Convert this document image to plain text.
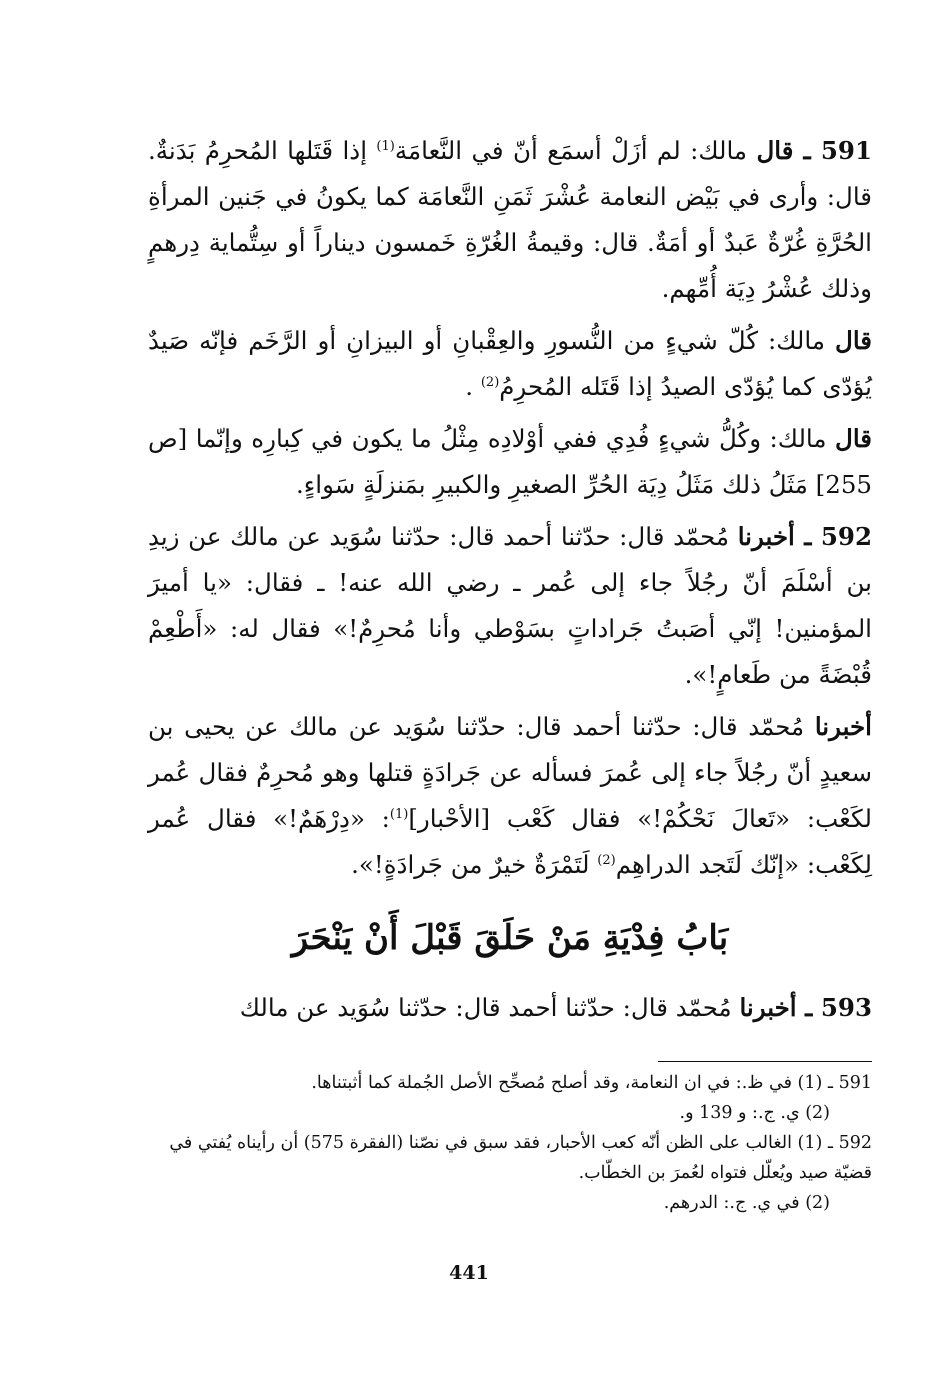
591 ـ قال مالك: لم أزَلْ أسمَع أنّ في النَّعامَة$^{(1)}$ إذا قَتَلها المُحرِمُ بَدَنةٌ. قال: وأرى في بَيْض النعامة عُشْرَ ثَمَنِ النَّعامَة كما يكونُ في جَنين المرأةِ الحُرَّةِ غُرّةٌ عَبدٌ أو أمَةٌ. قال: وقيمةُ الغُرّةِ خَمسون ديناراً أو سِتُّماية دِرهمٍ وذلك عُشْرُ دِيَة أُمِّهم.

قال مالك: كُلّ شيءٍ من النُّسورِ والعِقْبانِ أو البيزانِ أو الرَّخَم فإنّه صَيدٌ يُؤدّى كما يُؤدّى الصيدُ إذا قَتَله المُحرِمُ$^{(2)}$ .

قال مالك: وكُلُّ شيءٍ فُدِي ففي أوْلادِه مِثْلُ ما يكون في كِبارِه وإنّما [ص 255] مَثَلُ ذلك مَثَلُ دِيَة الحُرِّ الصغيرِ والكبيرِ بمَنزلَةٍ سَواءٍ.

592 ـ أخبرنا مُحمّد قال: حدّثنا أحمد قال: حدّثنا سُوَيد عن مالك عن زيدِ بن أسْلَمَ أنّ رجُلاً جاء إلى عُمر ـ رضي الله عنه! ـ فقال: «يا أميرَ المؤمنين! إنّي أصَبتُ جَراداتٍ بسَوْطي وأنا مُحرِمٌ!» فقال له: «أَطْعِمْ قُبْضَةً من طَعامٍ!».

أخبرنا مُحمّد قال: حدّثنا أحمد قال: حدّثنا سُوَيد عن مالك عن يحيى بن سعيدٍ أنّ رجُلاً جاء إلى عُمرَ فسأله عن جَرادَةٍ قتلها وهو مُحرِمٌ فقال عُمر لكَعْب: «تَعالَ نَحْكُمْ!» فقال كَعْب [الأحْبار]$^{(1)}$: «دِرْهَمٌ!» فقال عُمر لِكَعْب: «إنّك لَتَجد الدراهِم$^{(2)}$ لَتَمْرَةٌ خيرٌ من جَرادَةٍ!».

بَابُ فِدْيَةِ مَنْ حَلَقَ قَبْلَ أَنْ يَنْحَرَ
593 ـ أخبرنا مُحمّد قال: حدّثنا أحمد قال: حدّثنا سُوَيد عن مالك
591 ـ (1) في ظ.: في ان النعامة، وقد أصلح مُصحِّح الأصل الجُملة كما أثبتناها.
(2) ي. ج.: و 139 و.
592 ـ (1) الغالب على الظن أنّه كعب الأحبار، فقد سبق في نصّنا (الفقرة 575) أن رأيناه يُفتي في قضيّة صيد ويُعلّل فتواه لعُمرَ بن الخطّاب.
(2) في ي. ج.: الدرهم.
441
